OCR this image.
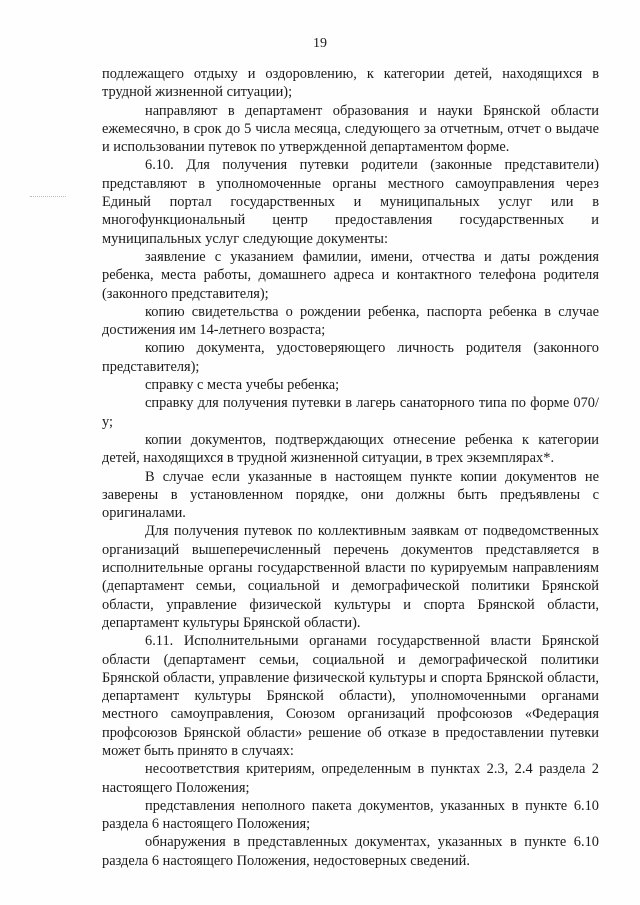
19

подлежащего отдыху и оздоровлению, к категории детей, находящихся в трудной жизненной ситуации);

направляют в департамент образования и науки Брянской области ежемесячно, в срок до 5 числа месяца, следующего за отчетным, отчет о выдаче и использовании путевок по утвержденной департаментом форме.

6.10. Для получения путевки родители (законные представители) представляют в уполномоченные органы местного самоуправления через Единый портал государственных и муниципальных услуг или в многофункциональный центр предоставления государственных и муниципальных услуг следующие документы:

заявление с указанием фамилии, имени, отчества и даты рождения ребенка, места работы, домашнего адреса и контактного телефона родителя (законного представителя);

копию свидетельства о рождении ребенка, паспорта ребенка в случае достижения им 14-летнего возраста;

копию документа, удостоверяющего личность родителя (законного представителя);

справку с места учебы ребенка;

справку для получения путевки в лагерь санаторного типа по форме 070/у;

копии документов, подтверждающих отнесение ребенка к категории детей, находящихся в трудной жизненной ситуации, в трех экземплярах*.

В случае если указанные в настоящем пункте копии документов не заверены в установленном порядке, они должны быть предъявлены с оригиналами.

Для получения путевок по коллективным заявкам от подведомственных организаций вышеперечисленный перечень документов представляется в исполнительные органы государственной власти по курируемым направлениям (департамент семьи, социальной и демографической политики Брянской области, управление физической культуры и спорта Брянской области, департамент культуры Брянской области).

6.11. Исполнительными органами государственной власти Брянской области (департамент семьи, социальной и демографической политики Брянской области, управление физической культуры и спорта Брянской области, департамент культуры Брянской области), уполномоченными органами местного самоуправления, Союзом организаций профсоюзов «Федерация профсоюзов Брянской области» решение об отказе в предоставлении путевки может быть принято в случаях:

несоответствия критериям, определенным в пунктах 2.3, 2.4 раздела 2 настоящего Положения;

представления неполного пакета документов, указанных в пункте 6.10 раздела 6 настоящего Положения;

обнаружения в представленных документах, указанных в пункте 6.10 раздела 6 настоящего Положения, недостоверных сведений.
